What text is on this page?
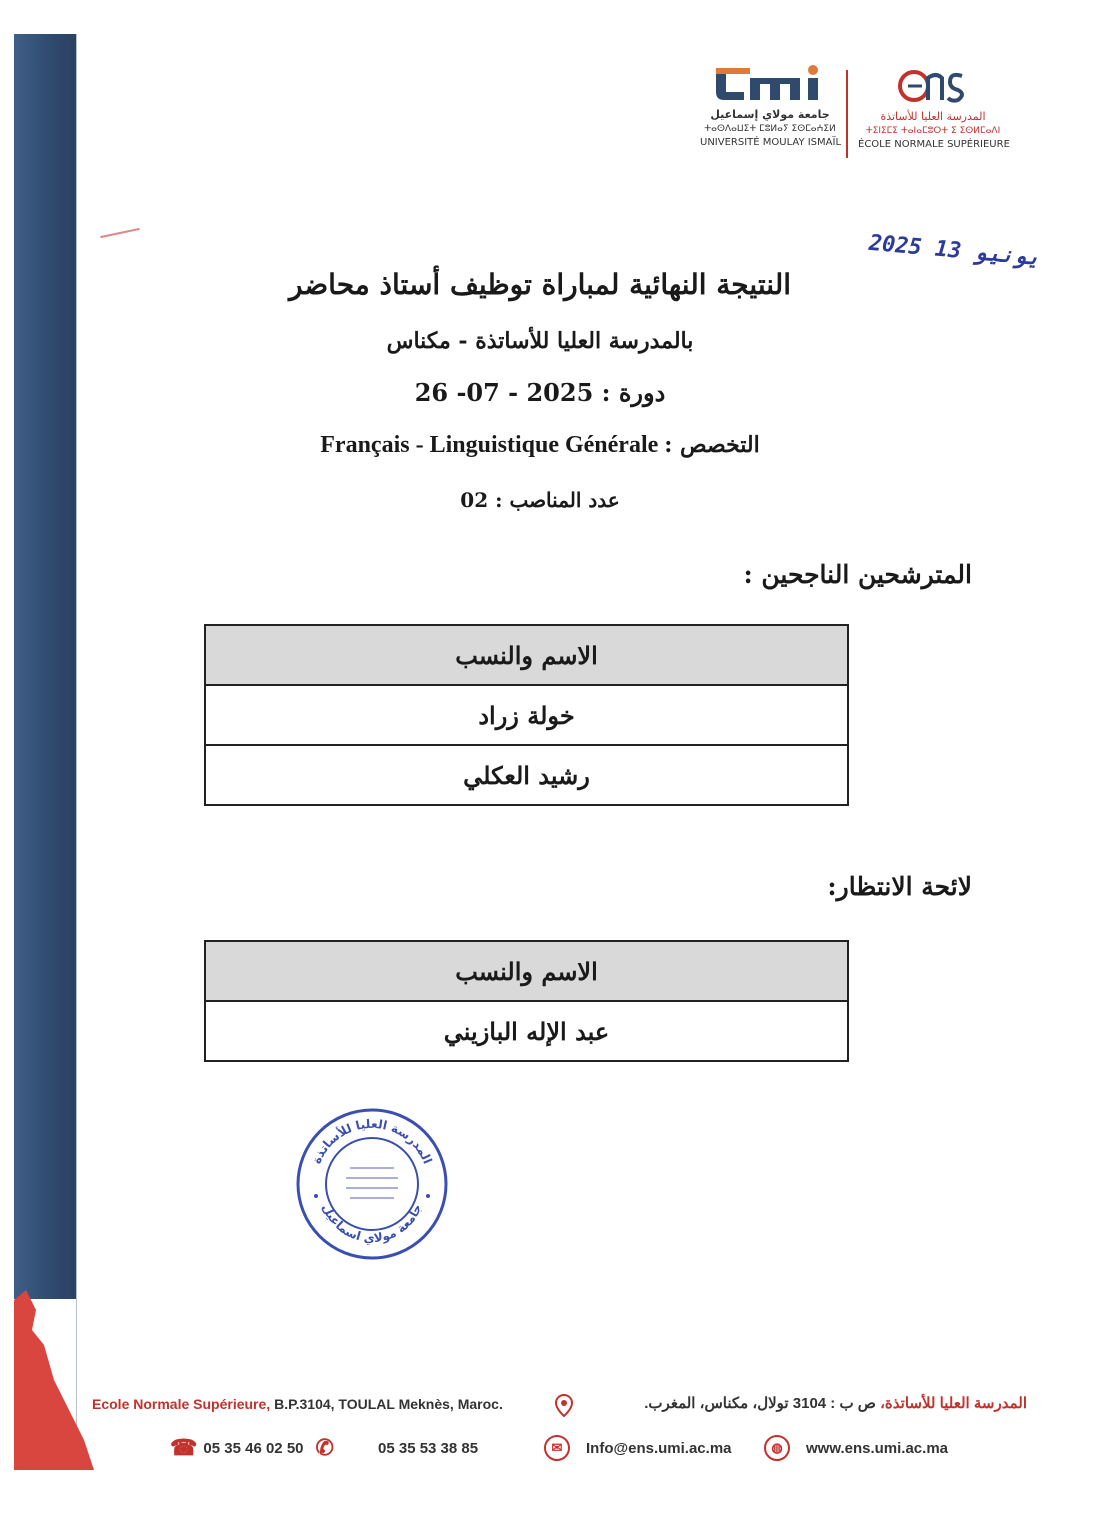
جامعة مولاي إسماعيل
ⵜⴰⵙⴷⴰⵡⵉⵜ ⵎⵓⵍⴰⵢ ⵉⵙⵎⴰⵄⵉⵍ
UNIVERSITÉ MOULAY ISMAÏL
المدرسة العليا للأساتذة
ⵜⵉⵏⵉⵎⵉ ⵜⴰⵏⴰⵎⵓⵔⵜ ⵉ ⵉⵙⵍⵎⴰⴷⵏ
ÉCOLE NORMALE SUPÉRIEURE
2025 يونيو 13
النتيجة النهائية لمباراة توظيف أستاذ محاضر
بالمدرسة العليا للأساتذة - مكناس
دورة : 26 -07 - 2025
التخصص : Français - Linguistique Générale
عدد المناصب : 02
المترشحين الناجحين :
الاسم والنسب
خولة زراد
رشيد العكلي
لائحة الانتظار:
الاسم والنسب
عبد الإله البازيني
المدرسة العليا للأساتذة
جامعة مولاي اسماعيل
Ecole Normale Supérieure, B.P.3104, TOULAL Meknès, Maroc.	المدرسة العليا للأساتذة، ص ب : 3104 تولال، مكناس، المغرب.
☎ 05 35 46 02 50 ✆	05 35 53 38 85	✉	Info@ens.umi.ac.ma	◍	www.ens.umi.ac.ma
